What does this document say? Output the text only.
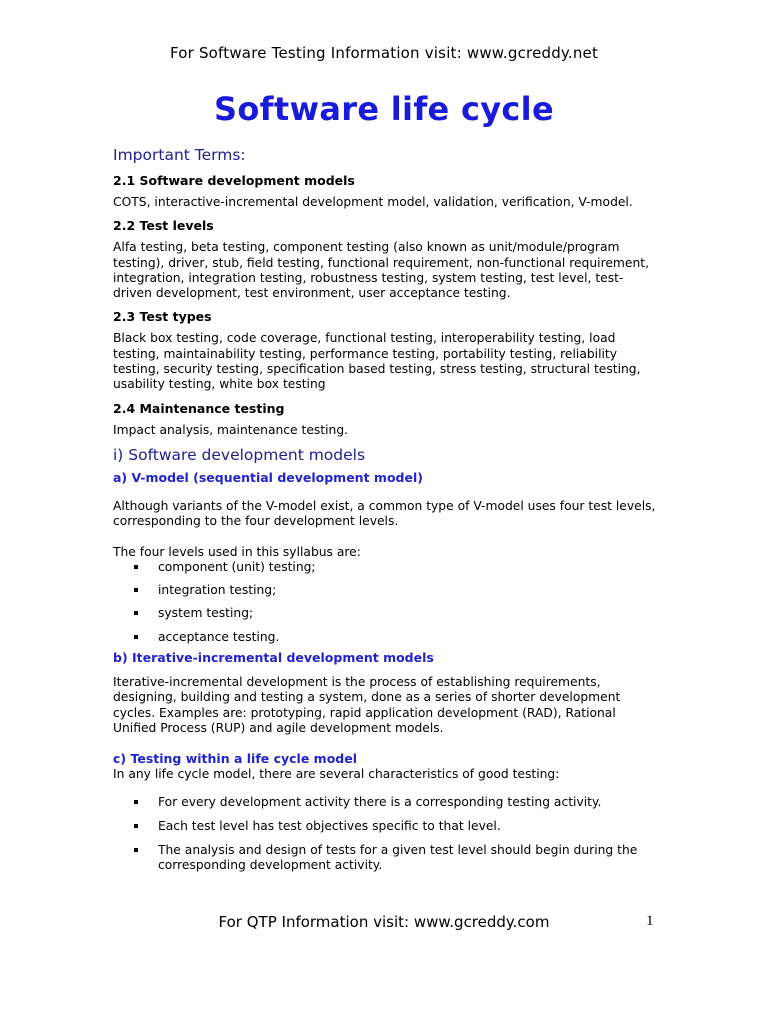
For Software Testing Information visit: www.gcreddy.net
Software life cycle
Important Terms:
2.1 Software development models

COTS, interactive-incremental development model, validation, verification, V-model.

2.2 Test levels

Alfa testing, beta testing, component testing (also known as unit/module/program testing), driver, stub, field testing, functional requirement, non-functional requirement, integration, integration testing, robustness testing, system testing, test level, test-driven development, test environment, user acceptance testing.

2.3 Test types

Black box testing, code coverage, functional testing, interoperability testing, load testing, maintainability testing, performance testing, portability testing, reliability testing, security testing, specification based testing, stress testing, structural testing, usability testing, white box testing

2.4 Maintenance testing

Impact analysis, maintenance testing.

i) Software development models
a) V-model (sequential development model)

Although variants of the V-model exist, a common type of V-model uses four test levels,

corresponding to the four development levels.

The four levels used in this syllabus are:

component (unit) testing;
integration testing;
system testing;
acceptance testing.
b) Iterative-incremental development models

Iterative-incremental development is the process of establishing requirements, designing, building and testing a system, done as a series of shorter development cycles. Examples are: prototyping, rapid application development (RAD), Rational Unified Process (RUP) and agile development models.

c) Testing within a life cycle model

In any life cycle model, there are several characteristics of good testing:

For every development activity there is a corresponding testing activity.
Each test level has test objectives specific to that level.
The analysis and design of tests for a given test level should begin during the corresponding development activity.
For QTP Information visit: www.gcreddy.com	1
